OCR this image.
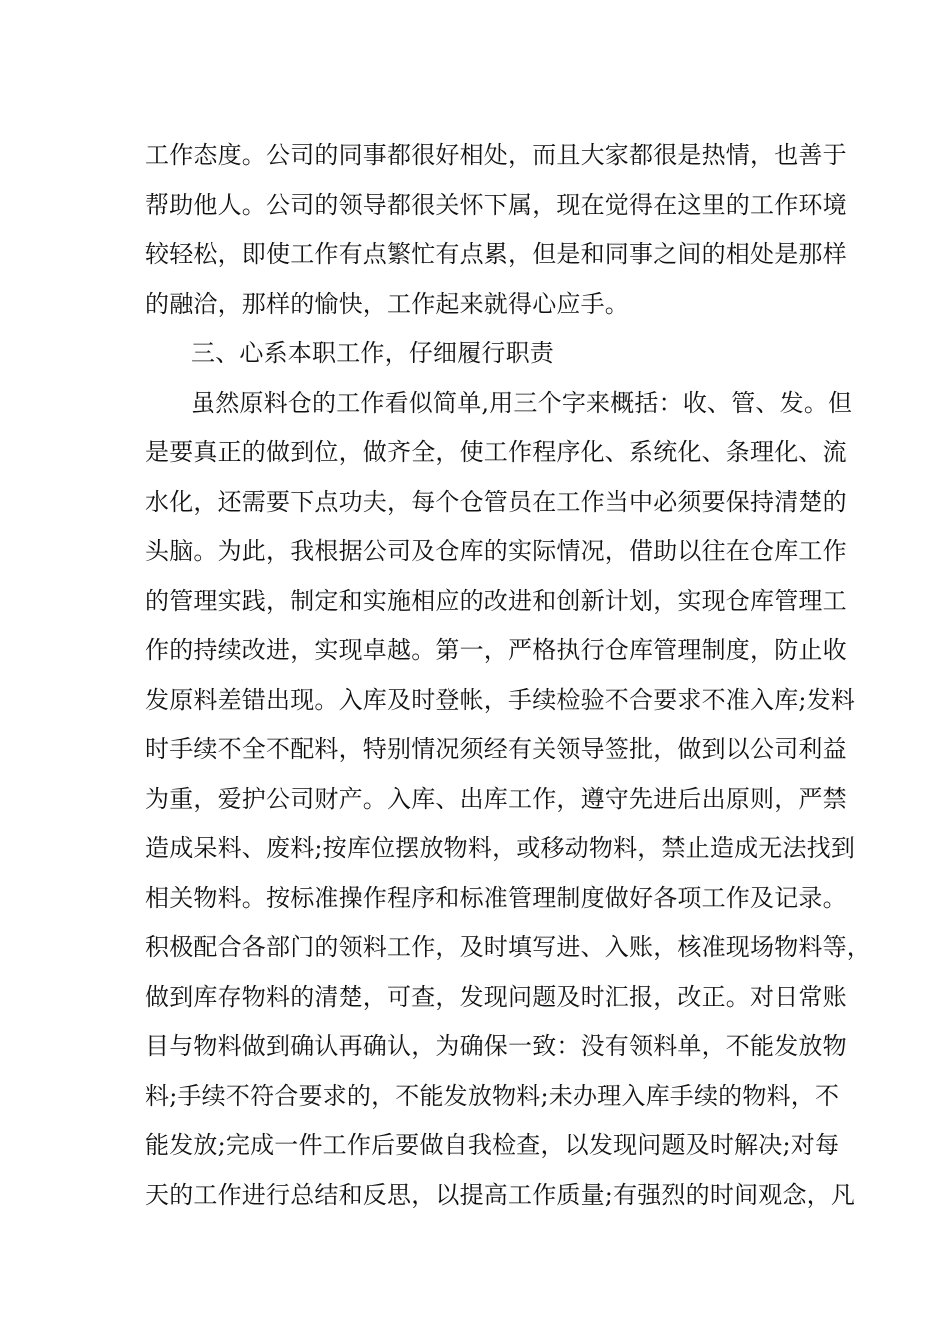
工作态度。公司的同事都很好相处，而且大家都很是热情，也善于
帮助他人。公司的领导都很关怀下属，现在觉得在这里的工作环境
较轻松，即使工作有点繁忙有点累，但是和同事之间的相处是那样
的融洽，那样的愉快，工作起来就得心应手。
三、心系本职工作，仔细履行职责
虽然原料仓的工作看似简单,用三个字来概括：收、管、发。但
是要真正的做到位，做齐全，使工作程序化、系统化、条理化、流
水化，还需要下点功夫，每个仓管员在工作当中必须要保持清楚的
头脑。为此，我根据公司及仓库的实际情况，借助以往在仓库工作
的管理实践，制定和实施相应的改进和创新计划，实现仓库管理工
作的持续改进，实现卓越。第一，严格执行仓库管理制度，防止收
发原料差错出现。入库及时登帐，手续检验不合要求不准入库;发料
时手续不全不配料，特别情况须经有关领导签批，做到以公司利益
为重，爱护公司财产。入库、出库工作，遵守先进后出原则，严禁
造成呆料、废料;按库位摆放物料，或移动物料，禁止造成无法找到
相关物料。按标准操作程序和标准管理制度做好各项工作及记录。
积极配合各部门的领料工作，及时填写进、入账，核准现场物料等，
做到库存物料的清楚，可查，发现问题及时汇报，改正。对日常账
目与物料做到确认再确认，为确保一致：没有领料单，不能发放物
料;手续不符合要求的，不能发放物料;未办理入库手续的物料，不
能发放;完成一件工作后要做自我检查，以发现问题及时解决;对每
天的工作进行总结和反思，以提高工作质量;有强烈的时间观念，凡
